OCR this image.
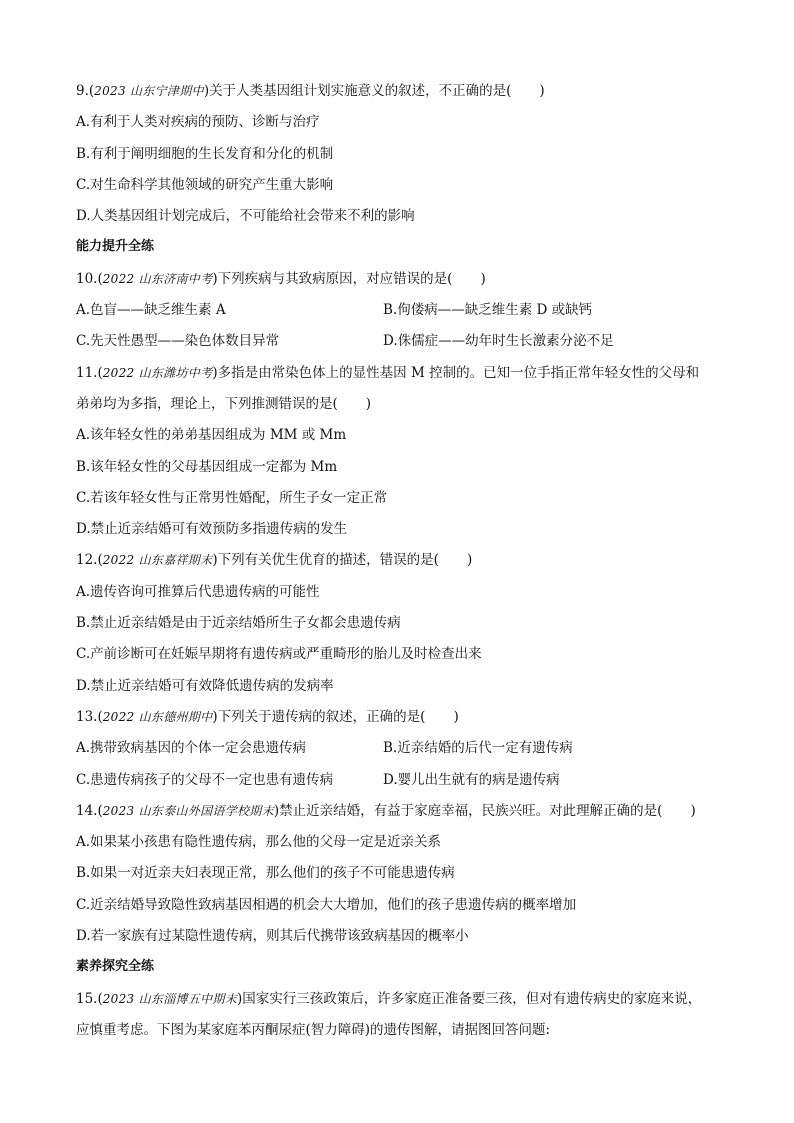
9.(2023 山东宁津期中)关于人类基因组计划实施意义的叙述，不正确的是( )
A.有利于人类对疾病的预防、诊断与治疗
B.有利于阐明细胞的生长发育和分化的机制
C.对生命科学其他领域的研究产生重大影响
D.人类基因组计划完成后，不可能给社会带来不利的影响
能力提升全练
10.(2022 山东济南中考)下列疾病与其致病原因，对应错误的是( )
A.色盲——缺乏维生素 A	B.佝偻病——缺乏维生素 D 或缺钙
C.先天性愚型——染色体数目异常	D.侏儒症——幼年时生长激素分泌不足
11.(2022 山东潍坊中考)多指是由常染色体上的显性基因 M 控制的。已知一位手指正常年轻女性的父母和
弟弟均为多指，理论上，下列推测错误的是( )
A.该年轻女性的弟弟基因组成为 MM 或 Mm
B.该年轻女性的父母基因组成一定都为 Mm
C.若该年轻女性与正常男性婚配，所生子女一定正常
D.禁止近亲结婚可有效预防多指遗传病的发生
12.(2022 山东嘉祥期末)下列有关优生优育的描述，错误的是( )
A.遗传咨询可推算后代患遗传病的可能性
B.禁止近亲结婚是由于近亲结婚所生子女都会患遗传病
C.产前诊断可在妊娠早期将有遗传病或严重畸形的胎儿及时检查出来
D.禁止近亲结婚可有效降低遗传病的发病率
13.(2022 山东德州期中)下列关于遗传病的叙述，正确的是( )
A.携带致病基因的个体一定会患遗传病	B.近亲结婚的后代一定有遗传病
C.患遗传病孩子的父母不一定也患有遗传病	D.婴儿出生就有的病是遗传病
14.(2023 山东泰山外国语学校期末)禁止近亲结婚，有益于家庭幸福，民族兴旺。对此理解正确的是( )
A.如果某小孩患有隐性遗传病，那么他的父母一定是近亲关系
B.如果一对近亲夫妇表现正常，那么他们的孩子不可能患遗传病
C.近亲结婚导致隐性致病基因相遇的机会大大增加，他们的孩子患遗传病的概率增加
D.若一家族有过某隐性遗传病，则其后代携带该致病基因的概率小
素养探究全练
15.(2023 山东淄博五中期末)国家实行三孩政策后，许多家庭正准备要三孩，但对有遗传病史的家庭来说，
应慎重考虑。下图为某家庭苯丙酮尿症(智力障碍)的遗传图解，请据图回答问题:
